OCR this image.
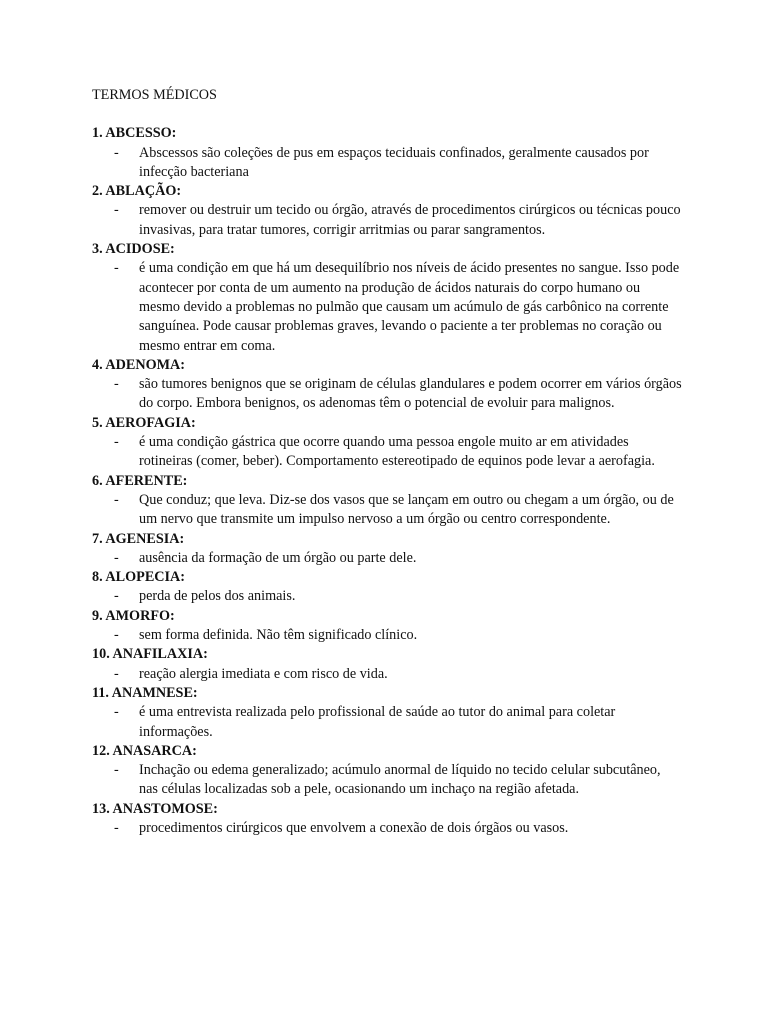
TERMOS MÉDICOS
1. ABCESSO:
- Abscessos são coleções de pus em espaços teciduais confinados, geralmente causados por infecção bacteriana
2. ABLAÇÃO:
- remover ou destruir um tecido ou órgão, através de procedimentos cirúrgicos ou técnicas pouco invasivas, para tratar tumores, corrigir arritmias ou parar sangramentos.
3. ACIDOSE:
- é uma condição em que há um desequilíbrio nos níveis de ácido presentes no sangue. Isso pode acontecer por conta de um aumento na produção de ácidos naturais do corpo humano ou mesmo devido a problemas no pulmão que causam um acúmulo de gás carbônico na corrente sanguínea. Pode causar problemas graves, levando o paciente a ter problemas no coração ou mesmo entrar em coma.
4. ADENOMA:
- são tumores benignos que se originam de células glandulares e podem ocorrer em vários órgãos do corpo. Embora benignos, os adenomas têm o potencial de evoluir para malignos.
5. AEROFAGIA:
- é uma condição gástrica que ocorre quando uma pessoa engole muito ar em atividades rotineiras (comer, beber). Comportamento estereotipado de equinos pode levar a aerofagia.
6. AFERENTE:
- Que conduz; que leva. Diz-se dos vasos que se lançam em outro ou chegam a um órgão, ou de um nervo que transmite um impulso nervoso a um órgão ou centro correspondente.
7. AGENESIA:
- ausência da formação de um órgão ou parte dele.
8. ALOPECIA:
- perda de pelos dos animais.
9. AMORFO:
- sem forma definida. Não têm significado clínico.
10. ANAFILAXIA:
- reação alergia imediata e com risco de vida.
11. ANAMNESE:
- é uma entrevista realizada pelo profissional de saúde ao tutor do animal para coletar informações.
12. ANASARCA:
- Inchação ou edema generalizado; acúmulo anormal de líquido no tecido celular subcutâneo, nas células localizadas sob a pele, ocasionando um inchaço na região afetada.
13. ANASTOMOSE:
- procedimentos cirúrgicos que envolvem a conexão de dois órgãos ou vasos.
